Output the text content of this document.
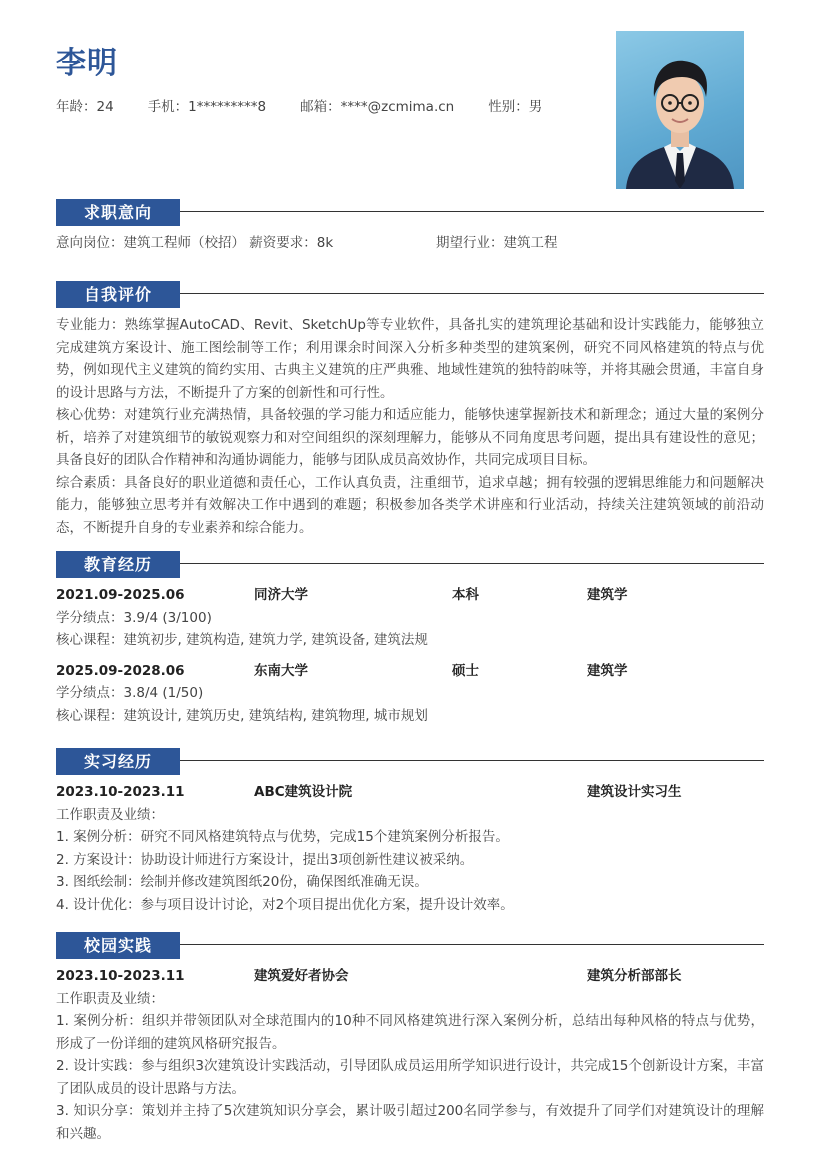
李明
年龄：24	手机：1*********8	邮箱：****@zcmima.cn	性别：男
求职意向
意向岗位：建筑工程师（校招） 薪资要求：8k	期望行业：建筑工程
自我评价

专业能力：熟练掌握AutoCAD、Revit、SketchUp等专业软件，具备扎实的建筑理论基础和设计实践能力，能够独立完成建筑方案设计、施工图绘制等工作；利用课余时间深入分析多种类型的建筑案例，研究不同风格建筑的特点与优势，例如现代主义建筑的简约实用、古典主义建筑的庄严典雅、地域性建筑的独特韵味等，并将其融会贯通，丰富自身的设计思路与方法，不断提升了方案的创新性和可行性。

核心优势：对建筑行业充满热情，具备较强的学习能力和适应能力，能够快速掌握新技术和新理念；通过大量的案例分析，培养了对建筑细节的敏锐观察力和对空间组织的深刻理解力，能够从不同角度思考问题，提出具有建设性的意见；具备良好的团队合作精神和沟通协调能力，能够与团队成员高效协作，共同完成项目目标。

综合素质：具备良好的职业道德和责任心，工作认真负责，注重细节，追求卓越；拥有较强的逻辑思维能力和问题解决能力，能够独立思考并有效解决工作中遇到的难题；积极参加各类学术讲座和行业活动，持续关注建筑领域的前沿动态，不断提升自身的专业素养和综合能力。

教育经历
2021.09-2025.06	同济大学	本科	建筑学
学分绩点：3.9/4 (3/100)
核心课程：建筑初步, 建筑构造, 建筑力学, 建筑设备, 建筑法规
2025.09-2028.06	东南大学	硕士	建筑学
学分绩点：3.8/4 (1/50)
核心课程：建筑设计, 建筑历史, 建筑结构, 建筑物理, 城市规划
实习经历
2023.10-2023.11	ABC建筑设计院	建筑设计实习生
工作职责及业绩：
1. 案例分析：研究不同风格建筑特点与优势，完成15个建筑案例分析报告。
2. 方案设计：协助设计师进行方案设计，提出3项创新性建议被采纳。
3. 图纸绘制：绘制并修改建筑图纸20份，确保图纸准确无误。
4. 设计优化：参与项目设计讨论，对2个项目提出优化方案，提升设计效率。
校园实践
2023.10-2023.11	建筑爱好者协会	建筑分析部部长
工作职责及业绩：

1. 案例分析：组织并带领团队对全球范围内的10种不同风格建筑进行深入案例分析，总结出每种风格的特点与优势，形成了一份详细的建筑风格研究报告。

2. 设计实践：参与组织3次建筑设计实践活动，引导团队成员运用所学知识进行设计，共完成15个创新设计方案，丰富了团队成员的设计思路与方法。

3. 知识分享：策划并主持了5次建筑知识分享会，累计吸引超过200名同学参与，有效提升了同学们对建筑设计的理解和兴趣。
